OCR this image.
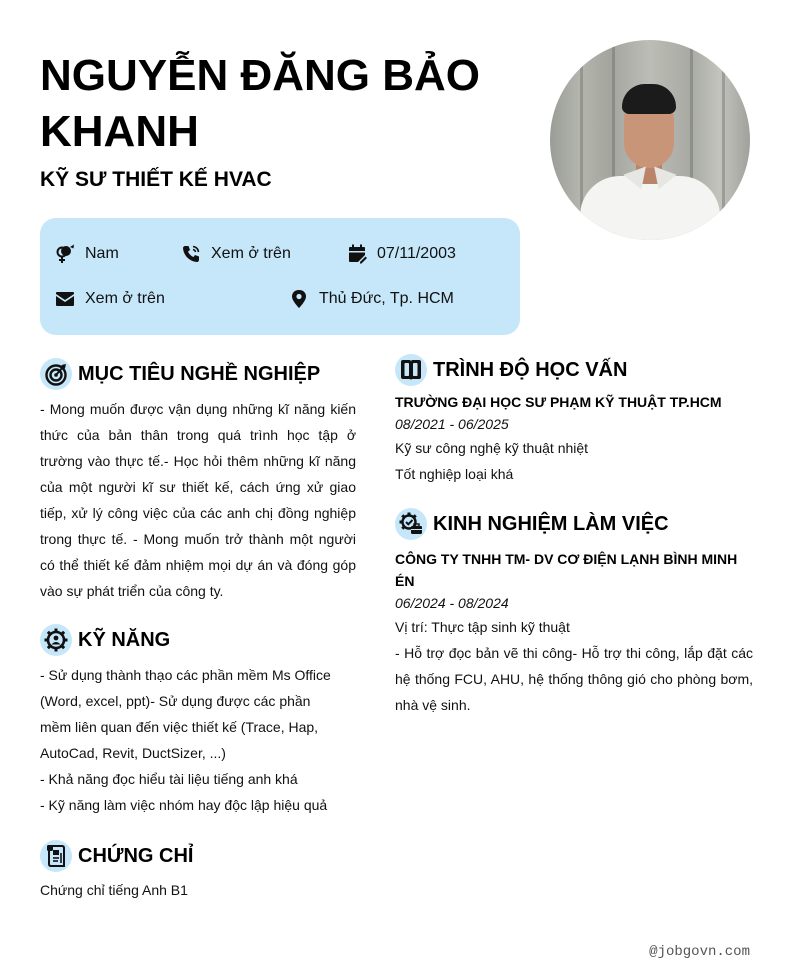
NGUYỄN ĐĂNG BẢO KHANH
KỸ SƯ THIẾT KẾ HVAC
Nam	Xem ở trên	07/11/2003
Xem ở trên	Thủ Đức, Tp. HCM
MỤC TIÊU NGHỀ NGHIỆP
- Mong muốn được vận dụng những kĩ năng kiến thức của bản thân trong quá trình học tập ở trường vào thực tế.- Học hỏi thêm những kĩ năng của một người kĩ sư thiết kế, cách ứng xử giao tiếp, xử lý công việc của các anh chị đồng nghiệp trong thực tế. - Mong muốn trở thành một người có thể thiết kế đảm nhiệm mọi dự án và đóng góp vào sự phát triển của công ty.
KỸ NĂNG
- Sử dụng thành thạo các phần mềm Ms Office (Word, excel, ppt)- Sử dụng được các phần mềm liên quan đến việc thiết kế (Trace, Hap, AutoCad, Revit, DuctSizer, ...)
- Khả năng đọc hiểu tài liệu tiếng anh khá
- Kỹ năng làm việc nhóm hay độc lập hiệu quả
CHỨNG CHỈ
Chứng chỉ tiếng Anh B1
TRÌNH ĐỘ HỌC VẤN
TRƯỜNG ĐẠI HỌC SƯ PHẠM KỸ THUẬT TP.HCM
08/2021 - 06/2025
Kỹ sư công nghệ kỹ thuật nhiệt
Tốt nghiệp loại khá
KINH NGHIỆM LÀM VIỆC
CÔNG TY TNHH TM- DV CƠ ĐIỆN LẠNH BÌNH MINH ÉN
06/2024 - 08/2024
Vị trí: Thực tập sinh kỹ thuật
- Hỗ trợ đọc bản vẽ thi công- Hỗ trợ thi công, lắp đặt các hệ thống FCU, AHU, hệ thống thông gió cho phòng bơm, nhà vệ sinh.
@jobgovn.com
